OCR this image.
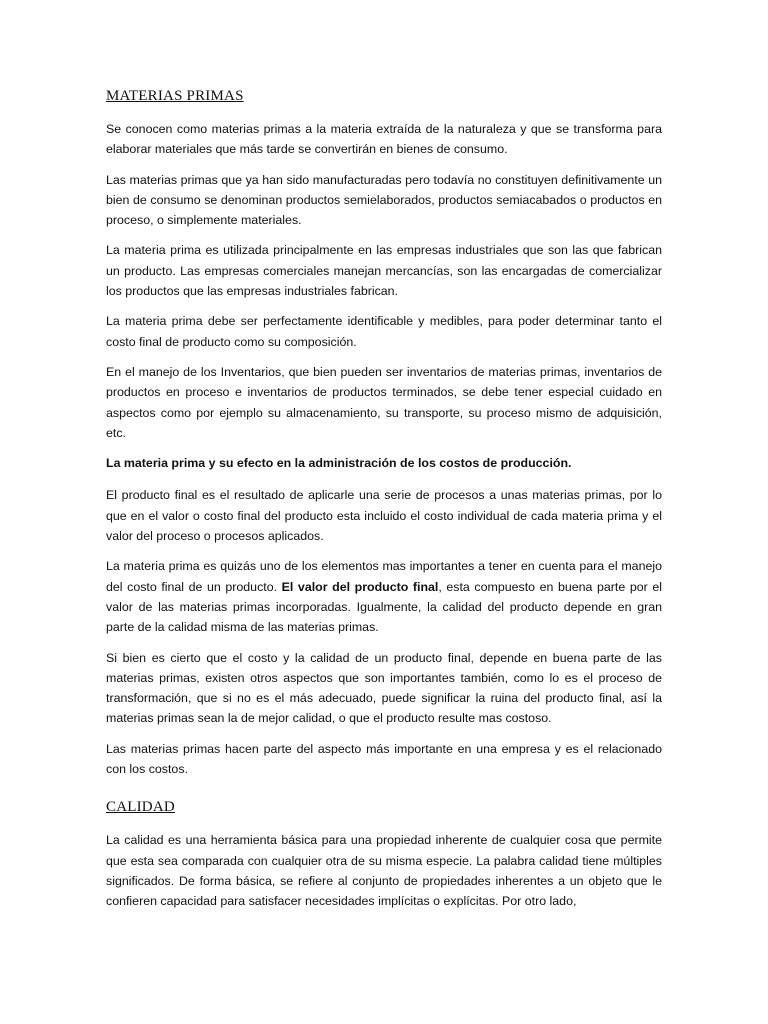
MATERIAS PRIMAS

Se conocen como materias primas a la materia extraída de la naturaleza y que se transforma para elaborar materiales que más tarde se convertirán en bienes de consumo.

Las materias primas que ya han sido manufacturadas pero todavía no constituyen definitivamente un bien de consumo se denominan productos semielaborados, productos semiacabados o productos en proceso, o simplemente materiales.

La materia prima es utilizada principalmente en las empresas industriales que son las que fabrican un producto. Las empresas comerciales manejan mercancías, son las encargadas de comercializar los productos que las empresas industriales fabrican.

La materia prima debe ser perfectamente identificable y medibles, para poder determinar tanto el costo final de producto como su composición.

En el manejo de los Inventarios, que bien pueden ser inventarios de materias primas, inventarios de productos en proceso e inventarios de productos terminados, se debe tener especial cuidado en aspectos como por ejemplo su almacenamiento, su transporte, su proceso mismo de adquisición, etc.

La materia prima y su efecto en la administración de los costos de producción.

El producto final es el resultado de aplicarle una serie de procesos a unas materias primas, por lo que en el valor o costo final del producto esta incluido el costo individual de cada materia prima y el valor del proceso o procesos aplicados.

La materia prima es quizás uno de los elementos mas importantes a tener en cuenta para el manejo del costo final de un producto. El valor del producto final, esta compuesto en buena parte por el valor de las materias primas incorporadas. Igualmente, la calidad del producto depende en gran parte de la calidad misma de las materias primas.

Si bien es cierto que el costo y la calidad de un producto final, depende en buena parte de las materias primas, existen otros aspectos que son importantes también, como lo es el proceso de transformación, que si no es el más adecuado, puede significar la ruina del producto final, así la materias primas sean la de mejor calidad, o que el producto resulte mas costoso.

Las materias primas hacen parte del aspecto más importante en una empresa y es el relacionado con los costos.

CALIDAD

La calidad es una herramienta básica para una propiedad inherente de cualquier cosa que permite que esta sea comparada con cualquier otra de su misma especie. La palabra calidad tiene múltiples significados. De forma básica, se refiere al conjunto de propiedades inherentes a un objeto que le confieren capacidad para satisfacer necesidades implícitas o explícitas. Por otro lado,
